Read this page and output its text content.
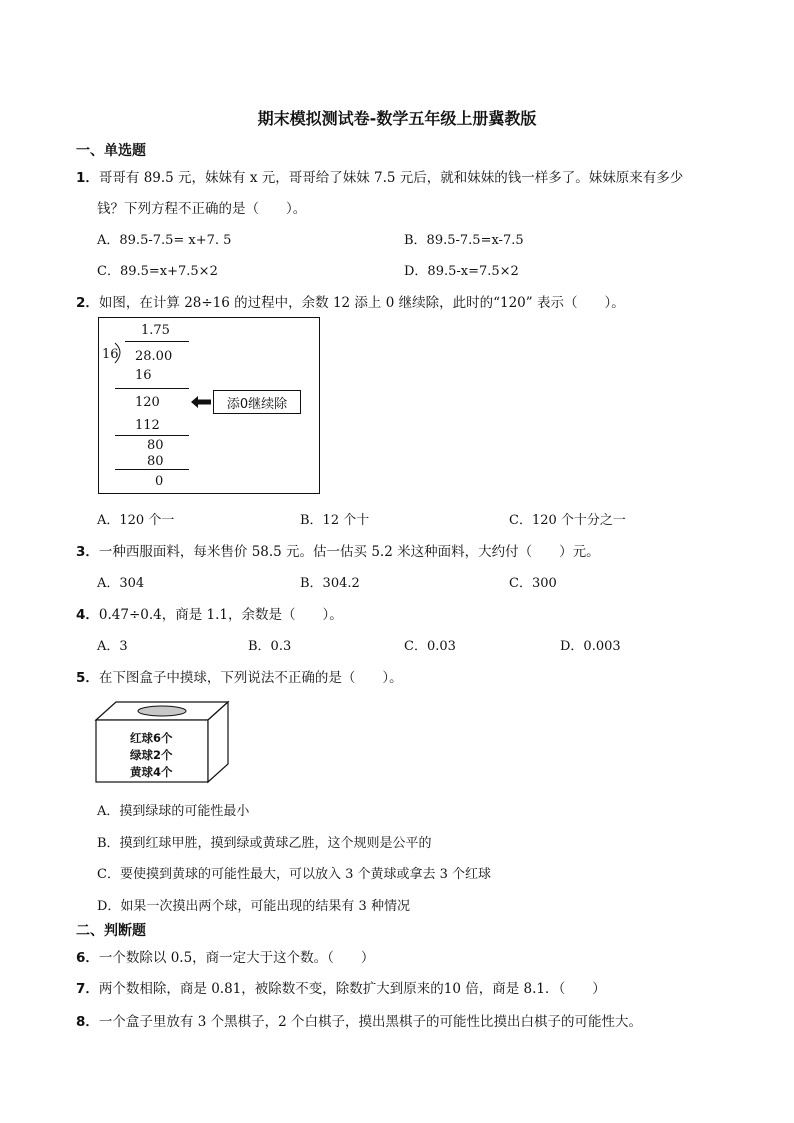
期末模拟测试卷-数学五年级上册冀教版
一、单选题
1．哥哥有 89.5 元，妹妹有 x 元，哥哥给了妹妹 7.5 元后，就和妹妹的钱一样多了。妹妹原来有多少
钱？下列方程不正确的是（　　）。
A．89.5-7.5= x+7. 5	B．89.5-7.5=x-7.5
C．89.5=x+7.5×2	D．89.5-x=7.5×2
2．如图，在计算 28÷16 的过程中，余数 12 添上 0 继续除，此时的“120” 表示（　　）。
1.75
16 28.00
16
120
112
80
80
0
添0继续除
A．120 个一	B．12 个十	C．120 个十分之一
3．一种西服面料，每米售价 58.5 元。估一估买 5.2 米这种面料，大约付（　　）元。
A．304	B．304.2	C．300
4．0.47÷0.4，商是 1.1，余数是（　　）。
A．3	B．0.3	C．0.03	D．0.003
5．在下图盒子中摸球，下列说法不正确的是（　　）。
红球6个
绿球2个
黄球4个
A．摸到绿球的可能性最小
B．摸到红球甲胜，摸到绿或黄球乙胜，这个规则是公平的
C．要使摸到黄球的可能性最大，可以放入 3 个黄球或拿去 3 个红球
D．如果一次摸出两个球，可能出现的结果有 3 种情况
二、判断题
6．一个数除以 0.5，商一定大于这个数。（　　）
7．两个数相除，商是 0.81，被除数不变，除数扩大到原来的10 倍，商是 8.1．（　　）
8．一个盒子里放有 3 个黑棋子，2 个白棋子，摸出黑棋子的可能性比摸出白棋子的可能性大。
